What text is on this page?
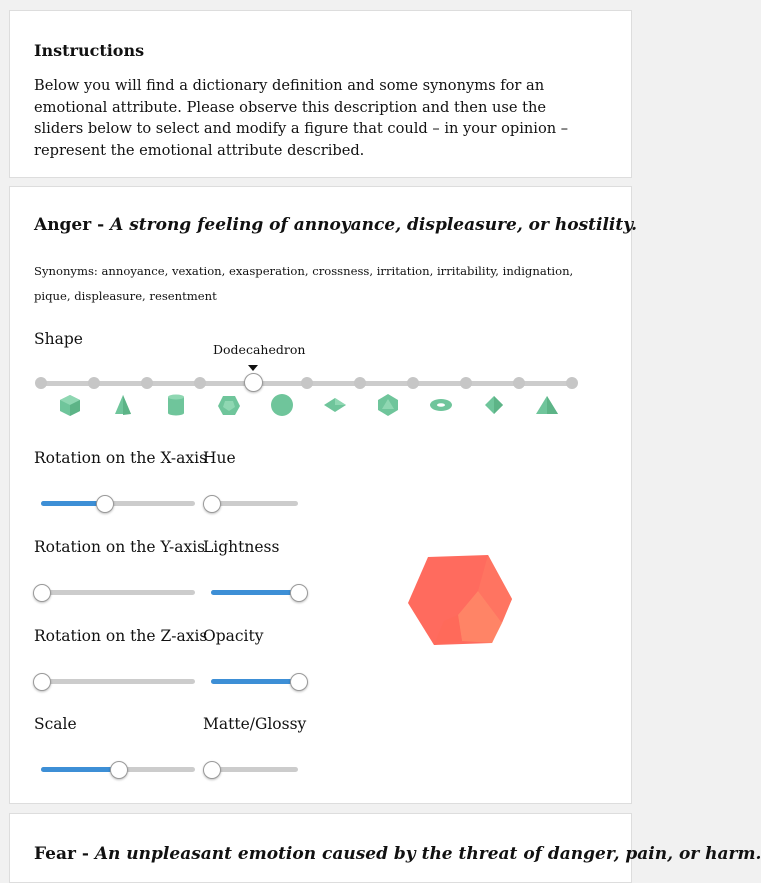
Instructions

Below you will find a dictionary definition and some synonyms for an emotional attribute. Please observe this description and then use the sliders below to select and modify a figure that could – in your opinion – represent the emotional attribute described.

Anger - A strong feeling of annoyance, displeasure, or hostility.

Synonyms: annoyance, vexation, exasperation, crossness, irritation, irritability, indignation, pique, displeasure, resentment

Shape
Dodecahedron
Rotation on the X-axis
Rotation on the Y-axis
Rotation on the Z-axis
Scale
Hue
Lightness
Opacity
Matte/Glossy
Fear - An unpleasant emotion caused by the threat of danger, pain, or harm.
